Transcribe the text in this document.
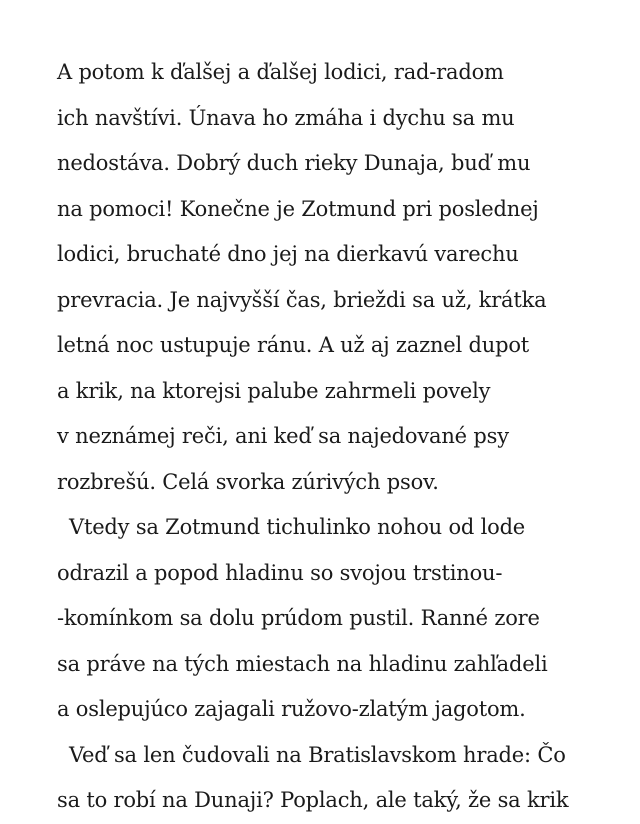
A potom k ďalšej a ďalšej lodici, rad-radom
ich navštívi. Únava ho zmáha i dychu sa mu
nedostáva. Dobrý duch rieky Dunaja, buď mu
na pomoci! Konečne je Zotmund pri poslednej
lodici, bruchaté dno jej na dierkavú varechu
prevracia. Je najvyšší čas, brieždi sa už, krátka
letná noc ustupuje ránu. A už aj zaznel dupot
a krik, na ktorejsi palube zahrmeli povely
v neznámej reči, ani keď sa najedované psy
rozbrešú. Celá svorka zúrivých psov.
Vtedy sa Zotmund tichulinko nohou od lode
odrazil a popod hladinu so svojou trstinou-
-komínkom sa dolu prúdom pustil. Ranné zore
sa práve na tých miestach na hladinu zahľadeli
a oslepujúco zajagali ružovo-zlatým jagotom.
Veď sa len čudovali na Bratislavskom hrade: Čo
sa to robí na Dunaji? Poplach, ale taký, že sa krik
